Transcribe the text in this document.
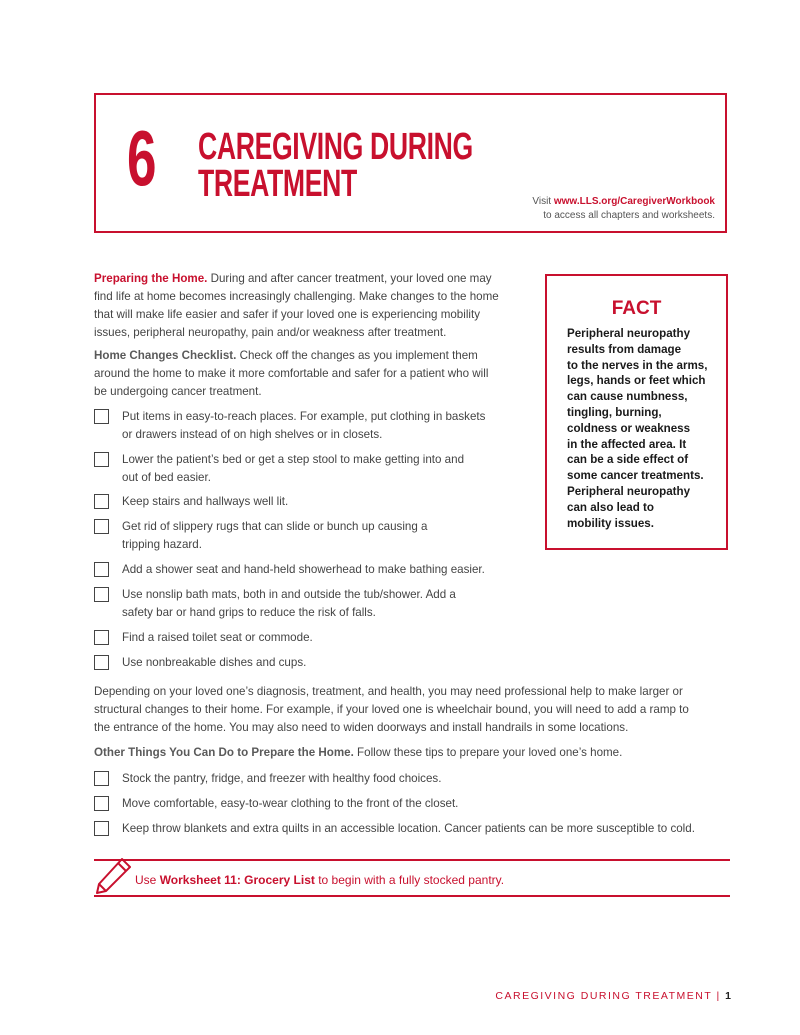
6 CAREGIVING DURING
TREATMENT	Visit www.LLS.org/CaregiverWorkbook
to access all chapters and worksheets.
Preparing the Home. During and after cancer treatment, your loved one may
find life at home becomes increasingly challenging. Make changes to the home
that will make life easier and safer if your loved one is experiencing mobility
issues, peripheral neuropathy, pain and/or weakness after treatment.
Home Changes Checklist. Check off the changes as you implement them
around the home to make it more comfortable and safer for a patient who will
be undergoing cancer treatment.
FACT
Peripheral neuropathy
results from damage
to the nerves in the arms,
legs, hands or feet which
can cause numbness,
tingling, burning,
coldness or weakness
in the affected area. It
can be a side effect of
some cancer treatments.
Peripheral neuropathy
can also lead to
mobility issues.
Put items in easy-to-reach places. For example, put clothing in baskets
or drawers instead of on high shelves or in closets.
Lower the patient’s bed or get a step stool to make getting into and
out of bed easier.
Keep stairs and hallways well lit.
Get rid of slippery rugs that can slide or bunch up causing a
tripping hazard.
Add a shower seat and hand-held showerhead to make bathing easier.
Use nonslip bath mats, both in and outside the tub/shower. Add a
safety bar or hand grips to reduce the risk of falls.
Find a raised toilet seat or commode.
Use nonbreakable dishes and cups.
Depending on your loved one’s diagnosis, treatment, and health, you may need professional help to make larger or
structural changes to their home. For example, if your loved one is wheelchair bound, you will need to add a ramp to
the entrance of the home. You may also need to widen doorways and install handrails in some locations.
Other Things You Can Do to Prepare the Home. Follow these tips to prepare your loved one’s home.
Stock the pantry, fridge, and freezer with healthy food choices.
Move comfortable, easy-to-wear clothing to the front of the closet.
Keep throw blankets and extra quilts in an accessible location. Cancer patients can be more susceptible to cold.
Use Worksheet 11: Grocery List to begin with a fully stocked pantry.
CAREGIVING DURING TREATMENT | 1
